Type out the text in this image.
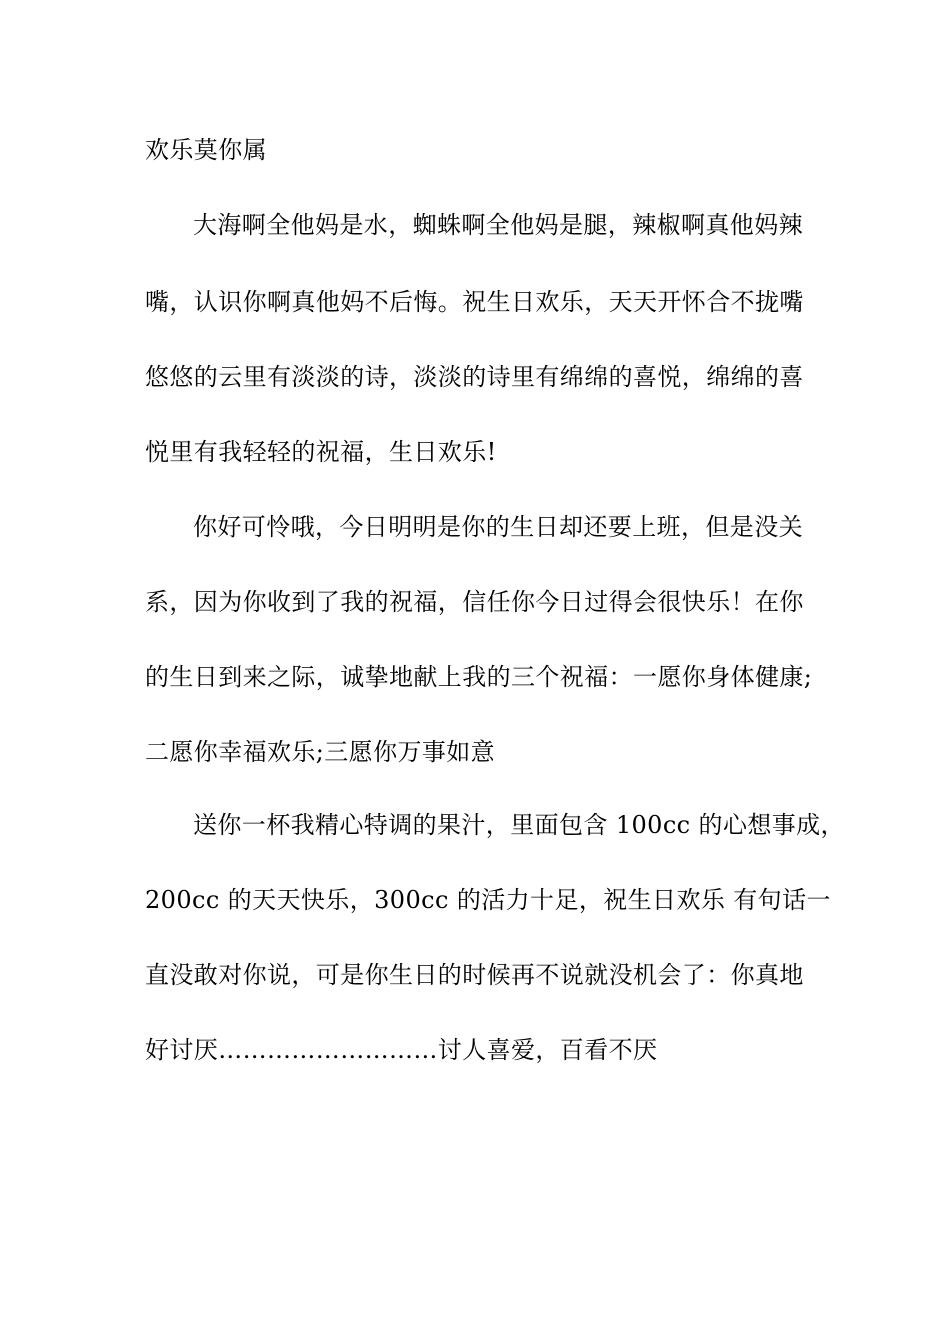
欢乐莫你属
大海啊全他妈是水，蜘蛛啊全他妈是腿，辣椒啊真他妈辣
嘴，认识你啊真他妈不后悔。祝生日欢乐，天天开怀合不拢嘴
悠悠的云里有淡淡的诗，淡淡的诗里有绵绵的喜悦，绵绵的喜
悦里有我轻轻的祝福，生日欢乐!
你好可怜哦，今日明明是你的生日却还要上班，但是没关
系，因为你收到了我的祝福，信任你今日过得会很快乐！在你
的生日到来之际，诚挚地献上我的三个祝福：一愿你身体健康;
二愿你幸福欢乐;三愿你万事如意
送你一杯我精心特调的果汁，里面包含 100cc 的心想事成，
200cc 的天天快乐，300cc 的活力十足，祝生日欢乐 有句话一
直没敢对你说，可是你生日的时候再不说就没机会了：你真地
好讨厌………………………讨人喜爱，百看不厌
